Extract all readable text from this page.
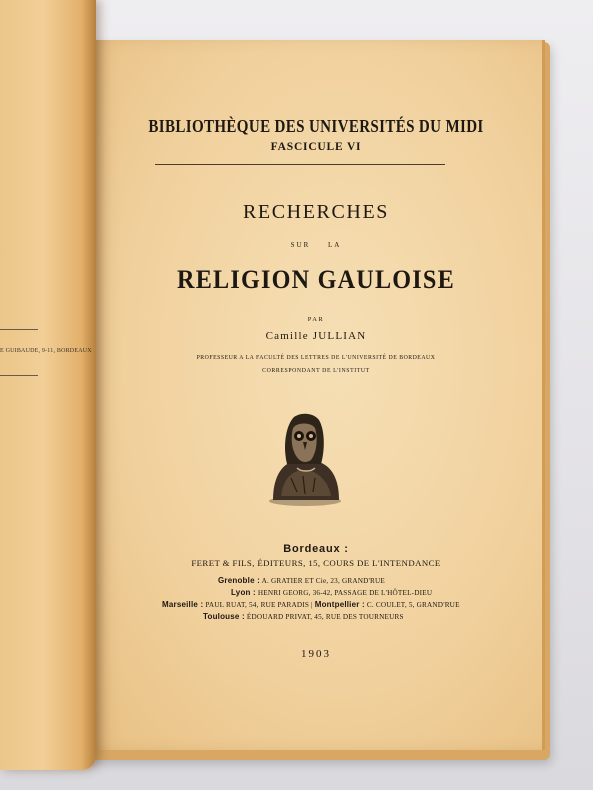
BIBLIOTHÈQUE DES UNIVERSITÉS DU MIDI
FASCICULE VI
RECHERCHES
SUR LA
RELIGION GAULOISE
PAR
Camille JULLIAN
PROFESSEUR A LA FACULTÉ DES LETTRES DE L'UNIVERSITÉ DE BORDEAUX
CORRESPONDANT DE L'INSTITUT
Bordeaux :
FERET & FILS, ÉDITEURS, 15, COURS DE L'INTENDANCE
Grenoble : A. GRATIER ET Cie, 23, GRAND'RUE
Lyon : HENRI GEORG, 36-42, PASSAGE DE L'HÔTEL-DIEU
Marseille : PAUL RUAT, 54, RUE PARADIS | Montpellier : C. COULET, 5, GRAND'RUE
Toulouse : ÉDOUARD PRIVAT, 45, RUE DES TOURNEURS
1903
E GUIBAUDE, 9-11, BORDEAUX
